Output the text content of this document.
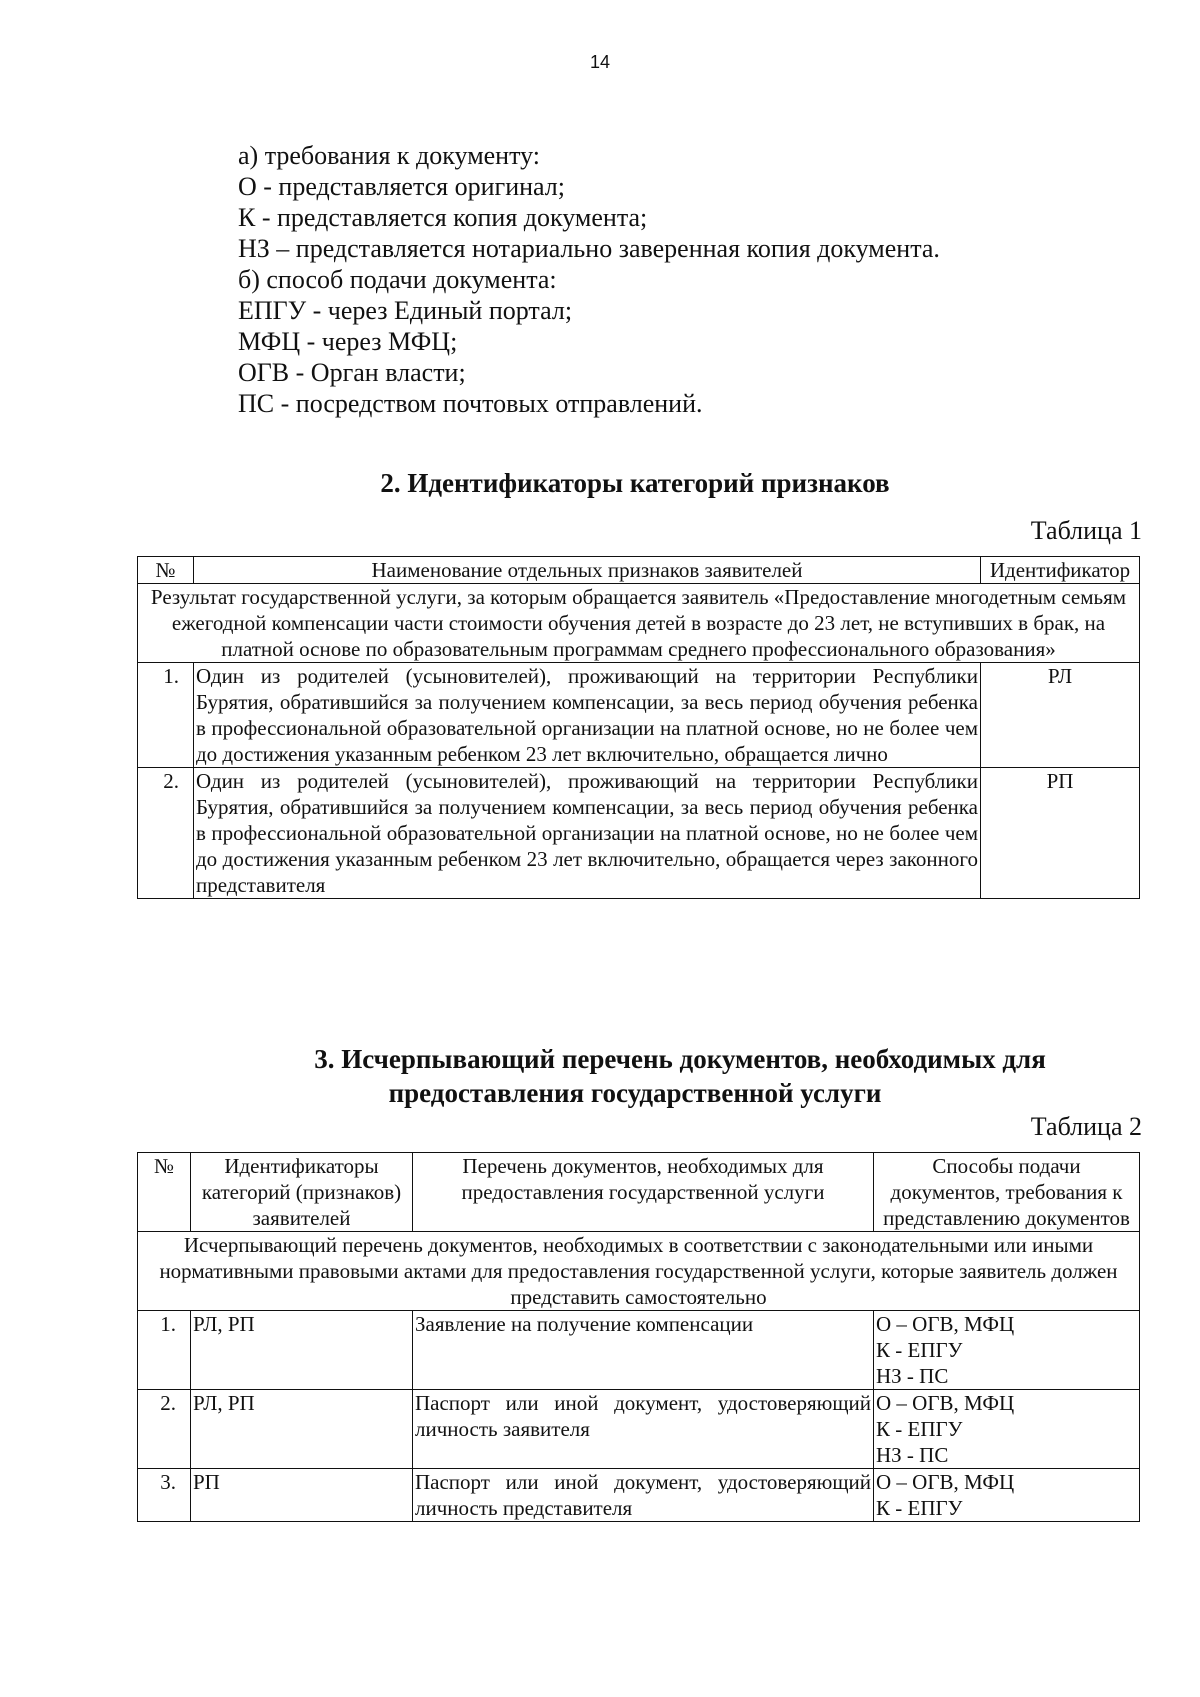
14
а) требования к документу:
О - представляется оригинал;
К - представляется копия документа;
НЗ – представляется нотариально заверенная копия документа.
б) способ подачи документа:
ЕПГУ - через Единый портал;
МФЦ - через МФЦ;
ОГВ - Орган власти;
ПС - посредством почтовых отправлений.
2. Идентификаторы категорий признаков
Таблица 1
№	Наименование отдельных признаков заявителей	Идентификатор
Результат государственной услуги, за которым обращается заявитель «Предоставление многодетным семьям ежегодной компенсации части стоимости обучения детей в возрасте до 23 лет, не вступивших в брак, на платной основе по образовательным программам среднего профессионального образования»		
1.	Один из родителей (усыновителей), проживающий на территории Республики Бурятия, обратившийся за получением компенсации, за весь период обучения ребенка в профессиональной образовательной организации на платной основе, но не более чем до достижения указанным ребенком 23 лет включительно, обращается лично	РЛ
2.	Один из родителей (усыновителей), проживающий на территории Республики Бурятия, обратившийся за получением компенсации, за весь период обучения ребенка в профессиональной образовательной организации на платной основе, но не более чем до достижения указанным ребенком 23 лет включительно, обращается через законного представителя	РП
3. Исчерпывающий перечень документов, необходимых для
предоставления государственной услуги
Таблица 2
№	Идентификаторы категорий (признаков) заявителей	Перечень документов, необходимых для предоставления государственной услуги	Способы подачи документов, требования к представлению документов
Исчерпывающий перечень документов, необходимых в соответствии с законодательными или иными нормативными правовыми актами для предоставления государственной услуги, которые заявитель должен представить самостоятельно			
1.	РЛ, РП	Заявление на получение компенсации	О – ОГВ, МФЦ
К - ЕПГУ
НЗ - ПС

2.	РЛ, РП	Паспорт или иной документ, удостоверяющий личность заявителя	О – ОГВ, МФЦ
К - ЕПГУ
НЗ - ПС

3.	РП	Паспорт или иной документ, удостоверяющий личность представителя	О – ОГВ, МФЦ
К - ЕПГУ
